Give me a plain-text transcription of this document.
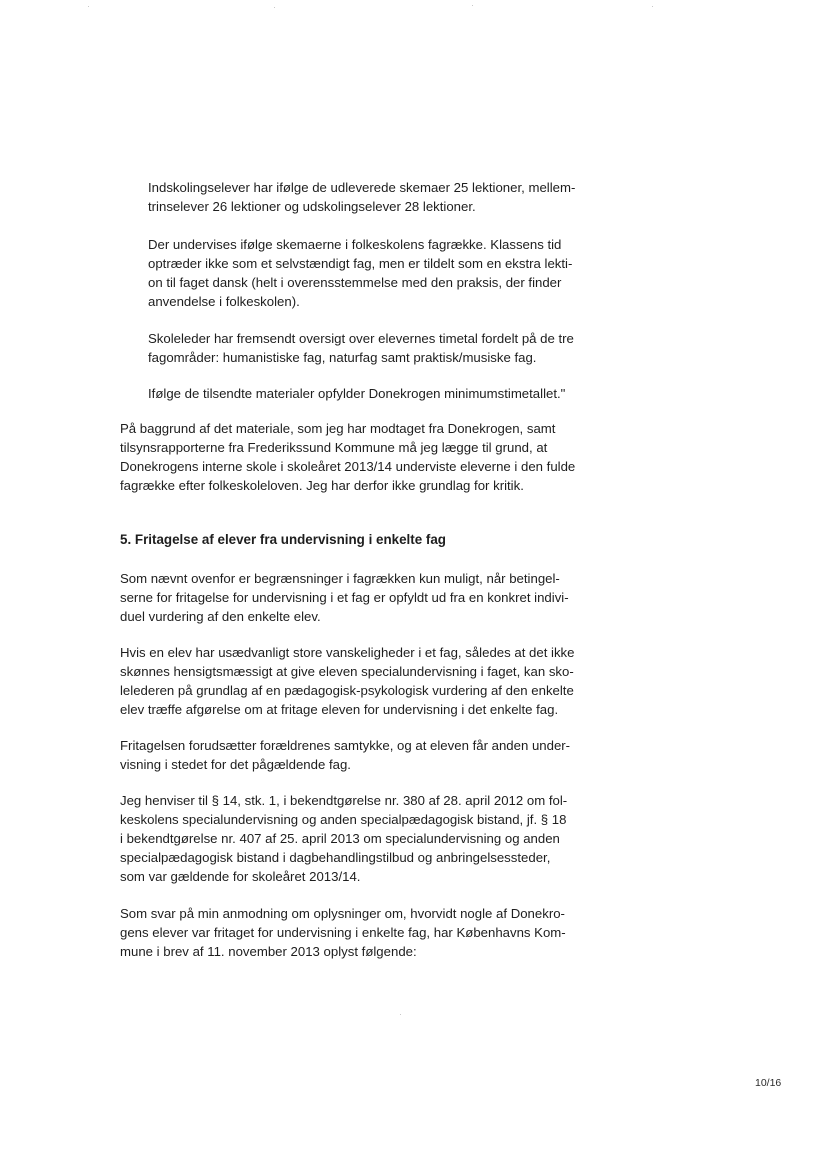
Indskolingselever har ifølge de udleverede skemaer 25 lektioner, mellem-
trinselever 26 lektioner og udskolingselever 28 lektioner.

Der undervises ifølge skemaerne i folkeskolens fagrække. Klassens tid
optræder ikke som et selvstændigt fag, men er tildelt som en ekstra lekti-
on til faget dansk (helt i overensstemmelse med den praksis, der finder
anvendelse i folkeskolen).

Skoleleder har fremsendt oversigt over elevernes timetal fordelt på de tre
fagområder: humanistiske fag, naturfag samt praktisk/musiske fag.

Ifølge de tilsendte materialer opfylder Donekrogen minimumstimetallet."

På baggrund af det materiale, som jeg har modtaget fra Donekrogen, samt
tilsynsrapporterne fra Frederikssund Kommune må jeg lægge til grund, at
Donekrogens interne skole i skoleåret 2013/14 underviste eleverne i den fulde
fagrække efter folkeskoleloven. Jeg har derfor ikke grundlag for kritik.

5. Fritagelse af elever fra undervisning i enkelte fag

Som nævnt ovenfor er begrænsninger i fagrækken kun muligt, når betingel-
serne for fritagelse for undervisning i et fag er opfyldt ud fra en konkret indivi-
duel vurdering af den enkelte elev.

Hvis en elev har usædvanligt store vanskeligheder i et fag, således at det ikke
skønnes hensigtsmæssigt at give eleven specialundervisning i faget, kan sko-
lelederen på grundlag af en pædagogisk-psykologisk vurdering af den enkelte
elev træffe afgørelse om at fritage eleven for undervisning i det enkelte fag.

Fritagelsen forudsætter forældrenes samtykke, og at eleven får anden under-
visning i stedet for det pågældende fag.

Jeg henviser til § 14, stk. 1, i bekendtgørelse nr. 380 af 28. april 2012 om fol-
keskolens specialundervisning og anden specialpædagogisk bistand, jf. § 18
i bekendtgørelse nr. 407 af 25. april 2013 om specialundervisning og anden
specialpædagogisk bistand i dagbehandlingstilbud og anbringelsessteder,
som var gældende for skoleåret 2013/14.

Som svar på min anmodning om oplysninger om, hvorvidt nogle af Donekro-
gens elever var fritaget for undervisning i enkelte fag, har Københavns Kom-
mune i brev af 11. november 2013 oplyst følgende:

10/16
